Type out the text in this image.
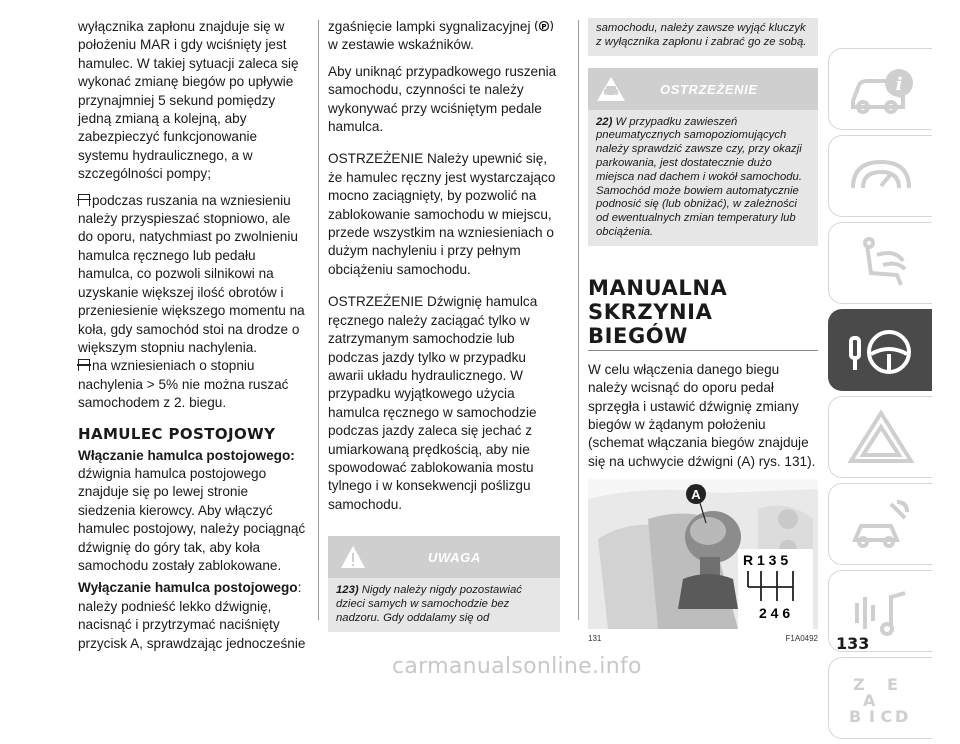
wyłącznika zapłonu znajduje się w położeniu MAR i gdy wciśnięty jest hamulec. W takiej sytuacji zaleca się wykonać zmianę biegów po upływie przynajmniej 5 sekund pomiędzy jedną zmianą a kolejną, aby zabezpieczyć funkcjonowanie systemu hydraulicznego, a w szczególności pompy;

podczas ruszania na wzniesieniu należy przyspieszać stopniowo, ale do oporu, natychmiast po zwolnieniu hamulca ręcznego lub pedału hamulca, co pozwoli silnikowi na uzyskanie większej ilość obrotów i przeniesienie większego momentu na koła, gdy samochód stoi na drodze o większym stopniu nachylenia.

na wzniesieniach o stopniu nachylenia > 5% nie można ruszać samochodem z 2. biegu.

HAMULEC POSTOJOWY
Włączanie hamulca postojowego: dźwignia hamulca postojowego znajduje się po lewej stronie siedzenia kierowcy. Aby włączyć hamulec postojowy, należy pociągnąć dźwignię do góry tak, aby koła samochodu zostały zablokowane.
Wyłączanie hamulca postojowego: należy podnieść lekko dźwignię, nacisnąć i przytrzymać naciśnięty przycisk A, sprawdzając jednocześnie

zgaśnięcie lampki sygnalizacyjnej P
w zestawie wskaźników.

Aby uniknąć przypadkowego ruszenia samochodu, czynności te należy wykonywać przy wciśniętym pedale hamulca.

OSTRZEŻENIE Należy upewnić się, że hamulec ręczny jest wystarczająco mocno zaciągnięty, by pozwolić na zablokowanie samochodu w miejscu, przede wszystkim na wzniesieniach o dużym nachyleniu i przy pełnym obciążeniu samochodu.

OSTRZEŻENIE Dźwignię hamulca ręcznego należy zaciągać tylko w zatrzymanym samochodzie lub podczas jazdy tylko w przypadku awarii układu hydraulicznego. W przypadku wyjątkowego użycia hamulca ręcznego w samochodzie podczas jazdy zaleca się jechać z umiarkowaną prędkością, aby nie spowodować zablokowania mostu tylnego i w konsekwencji poślizgu samochodu.

UWAGA
123) Nigdy należy nigdy pozostawiać dzieci samych w samochodzie bez nadzoru. Gdy oddalamy się od
samochodu, należy zawsze wyjąć kluczyk z wyłącznika zapłonu i zabrać go ze sobą.
OSTRZEŻENIE
22) W przypadku zawieszeń pneumatycznych samopoziomujących należy sprawdzić zawsze czy, przy okazji parkowania, jest dostatecznie dużo miejsca nad dachem i wokół samochodu. Samochód może bowiem automatycznie podnosić się (lub obniżać), w zależności od ewentualnych zmian temperatury lub obciążenia.
MANUALNA
SKRZYNIA BIEGÓW

W celu włączenia danego biegu należy wcisnąć do oporu pedał sprzęgła i ustawić dźwignię zmiany biegów w żądanym położeniu (schemat włączania biegów znajduje się na uchwycie dźwigni (A) rys. 131).

A
R 1 3 5
2 4 6
131	F1A0492
i
Z E
A
B I C D
133
carmanualsonline.info
